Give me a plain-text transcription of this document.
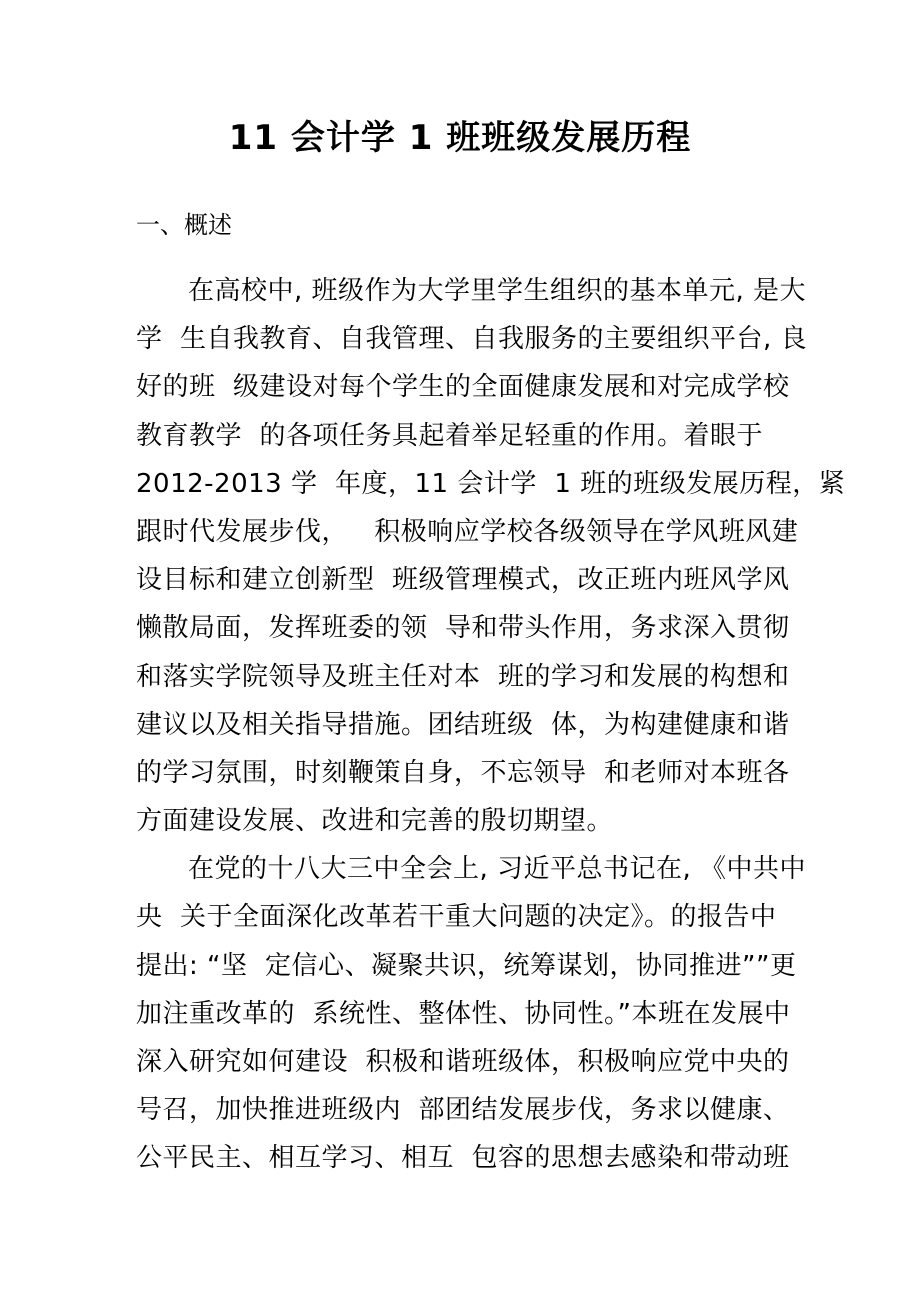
11 会计学 1 班班级发展历程
一、概述
在高校中, 班级作为大学里学生组织的基本单元, 是大
学  生自我教育、自我管理、自我服务的主要组织平台, 良
好的班  级建设对每个学生的全面健康发展和对完成学校
教育教学  的各项任务具起着举足轻重的作用。着眼于
2012-2013 学  年度，11 会计学  1 班的班级发展历程，紧
跟时代发展步伐，   积极响应学校各级领导在学风班风建
设目标和建立创新型  班级管理模式，改正班内班风学风
懒散局面，发挥班委的领  导和带头作用，务求深入贯彻
和落实学院领导及班主任对本  班的学习和发展的构想和
建议以及相关指导措施。团结班级  体，为构建健康和谐
的学习氛围，时刻鞭策自身，不忘领导  和老师对本班各
方面建设发展、改进和完善的殷切期望。
在党的十八大三中全会上, 习近平总书记在, 《中共中
央  关于全面深化改革若干重大问题的决定》。的报告中
提出: “坚  定信心、凝聚共识，统筹谋划，协同推进””更
加注重改革的  系统性、整体性、协同性。”本班在发展中
深入研究如何建设  积极和谐班级体，积极响应党中央的
号召，加快推进班级内  部团结发展步伐，务求以健康、
公平民主、相互学习、相互  包容的思想去感染和带动班
